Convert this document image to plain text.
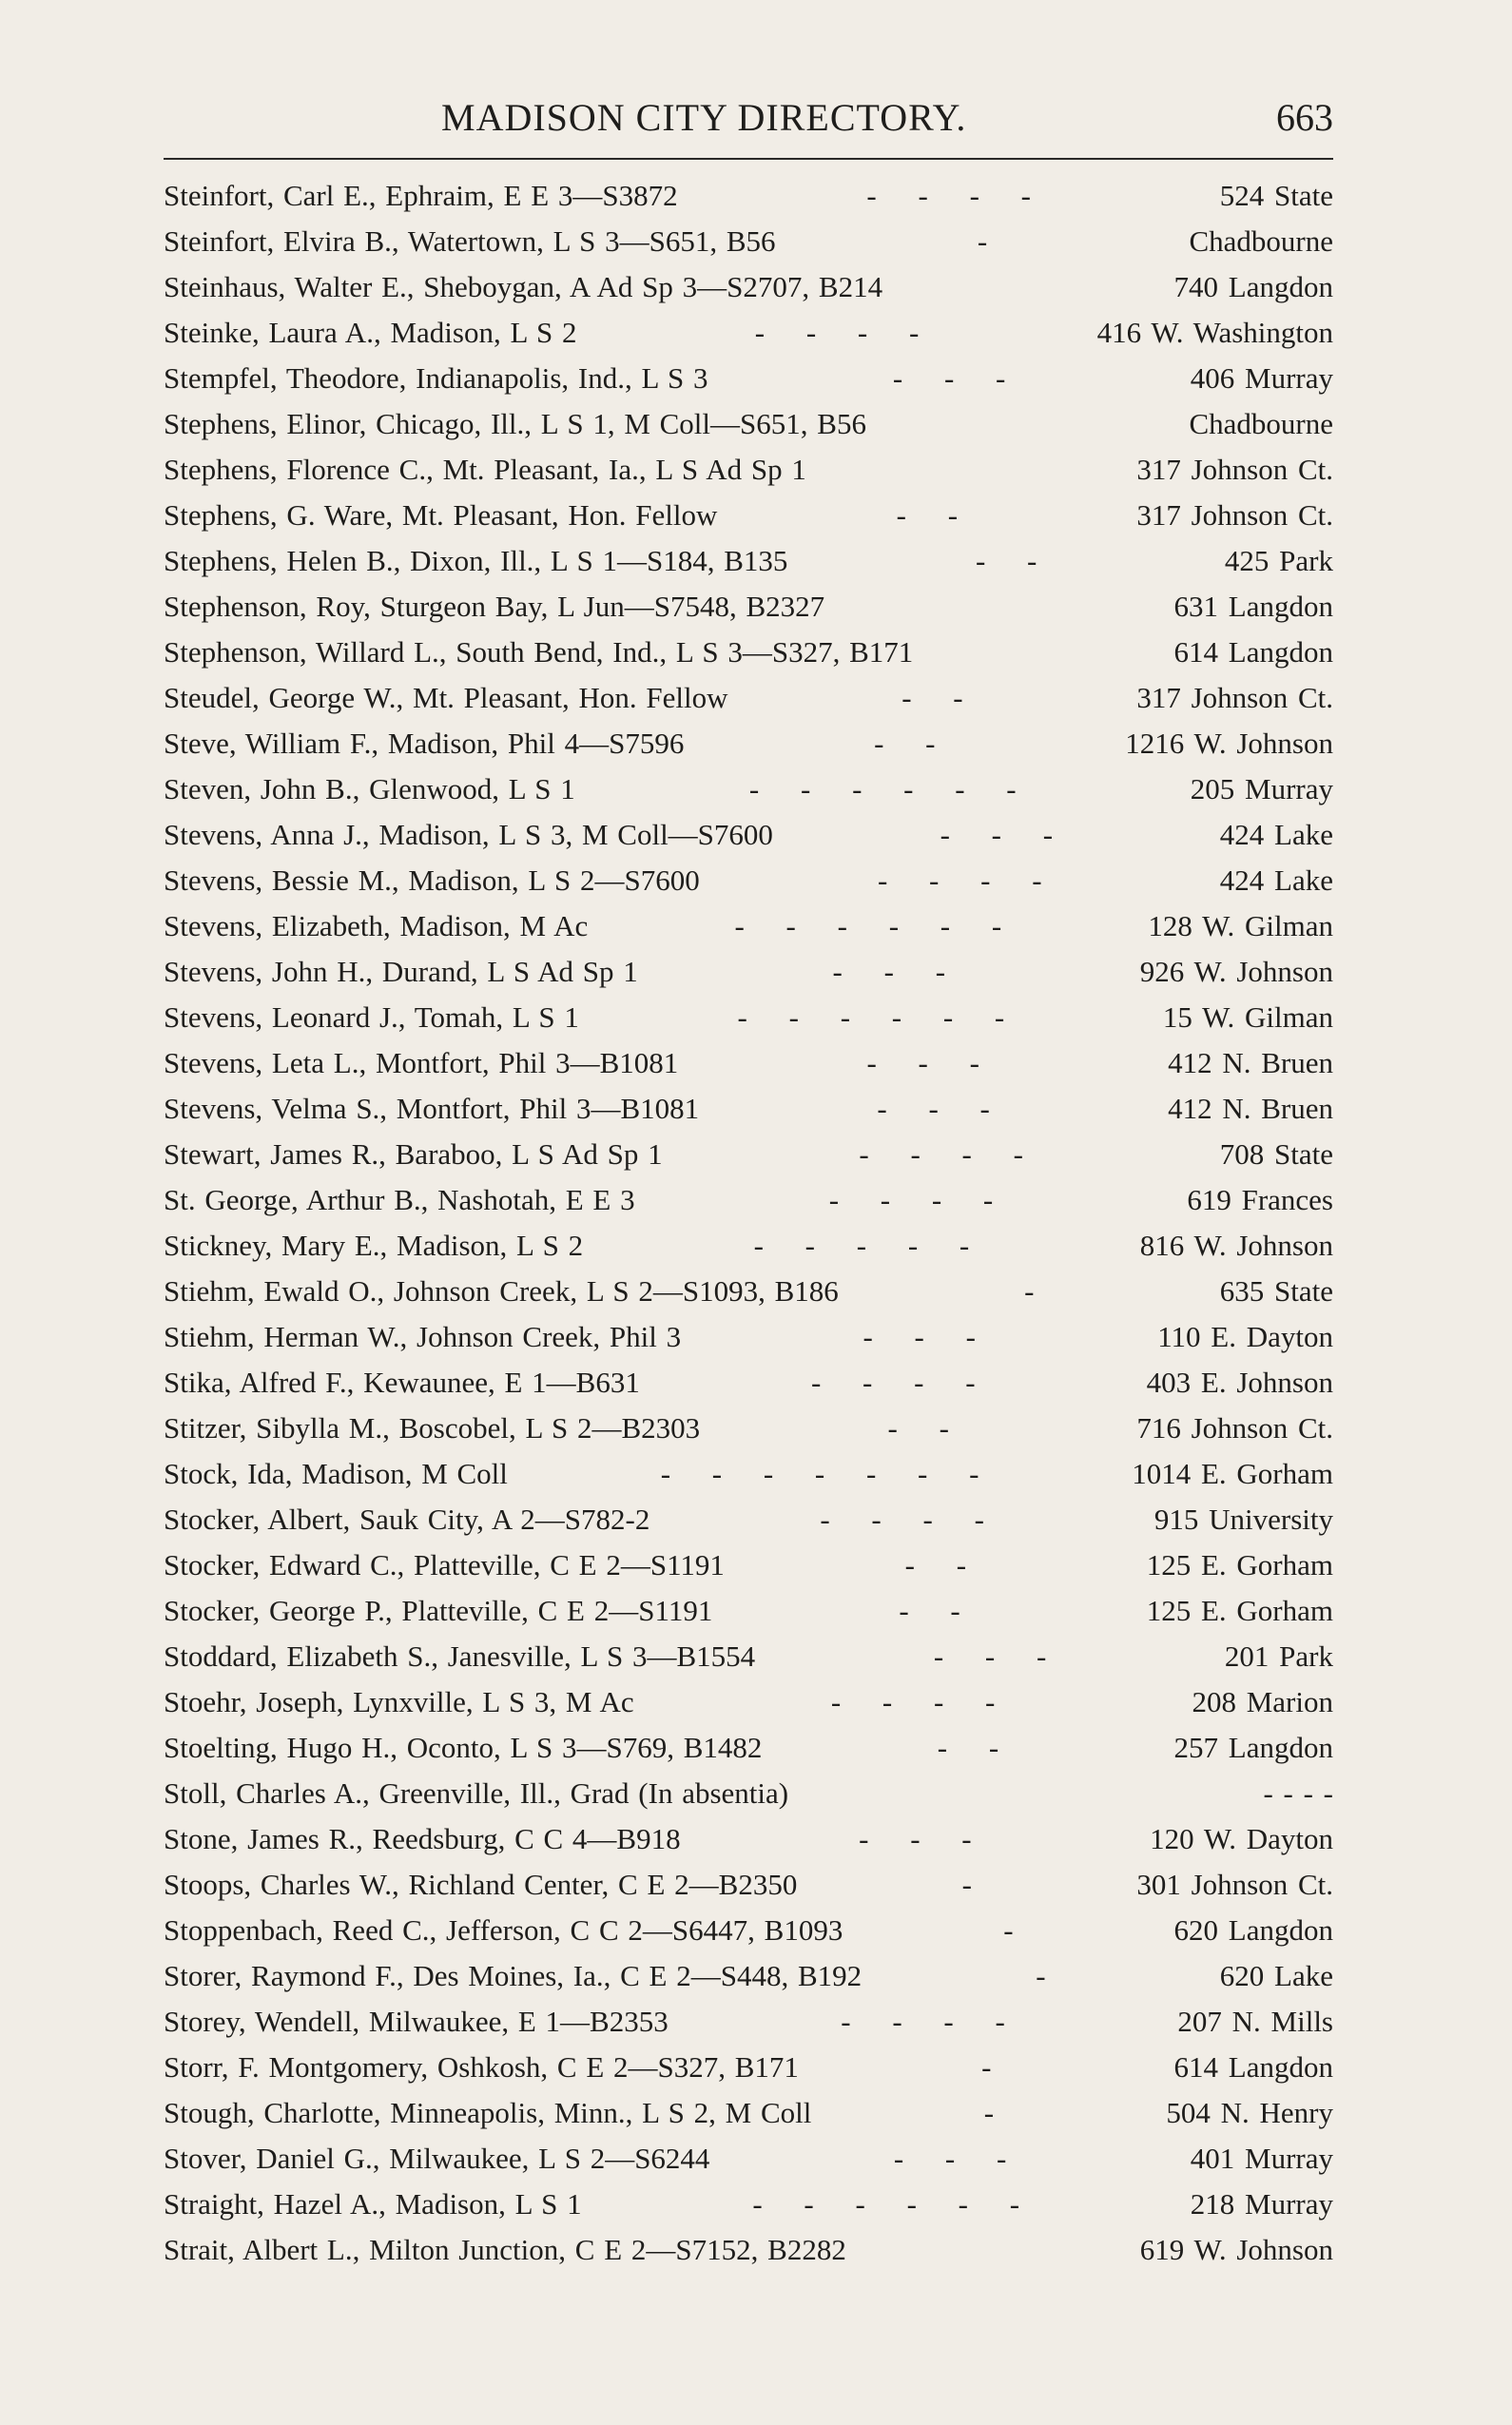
MADISON CITY DIRECTORY.	663
Steinfort, Carl E., Ephraim, E E 3—S3872	- - - -	524 State
Steinfort, Elvira B., Watertown, L S 3—S651, B56	-	Chadbourne
Steinhaus, Walter E., Sheboygan, A Ad Sp 3—S2707, B214	740 Langdon
Steinke, Laura A., Madison, L S 2	- - - -	416 W. Washington
Stempfel, Theodore, Indianapolis, Ind., L S 3	- - -	406 Murray
Stephens, Elinor, Chicago, Ill., L S 1, M Coll—S651, B56	Chadbourne
Stephens, Florence C., Mt. Pleasant, Ia., L S Ad Sp 1	317 Johnson Ct.
Stephens, G. Ware, Mt. Pleasant, Hon. Fellow	- -	317 Johnson Ct.
Stephens, Helen B., Dixon, Ill., L S 1—S184, B135	- -	425 Park
Stephenson, Roy, Sturgeon Bay, L Jun—S7548, B2327	631 Langdon
Stephenson, Willard L., South Bend, Ind., L S 3—S327, B171	614 Langdon
Steudel, George W., Mt. Pleasant, Hon. Fellow	- -	317 Johnson Ct.
Steve, William F., Madison, Phil 4—S7596	- -	1216 W. Johnson
Steven, John B., Glenwood, L S 1	- - - - - -	205 Murray
Stevens, Anna J., Madison, L S 3, M Coll—S7600	- - -	424 Lake
Stevens, Bessie M., Madison, L S 2—S7600	- - - -	424 Lake
Stevens, Elizabeth, Madison, M Ac	- - - - - -	128 W. Gilman
Stevens, John H., Durand, L S Ad Sp 1	- - -	926 W. Johnson
Stevens, Leonard J., Tomah, L S 1	- - - - - -	15 W. Gilman
Stevens, Leta L., Montfort, Phil 3—B1081	- - -	412 N. Bruen
Stevens, Velma S., Montfort, Phil 3—B1081	- - -	412 N. Bruen
Stewart, James R., Baraboo, L S Ad Sp 1	- - - -	708 State
St. George, Arthur B., Nashotah, E E 3	- - - -	619 Frances
Stickney, Mary E., Madison, L S 2	- - - - -	816 W. Johnson
Stiehm, Ewald O., Johnson Creek, L S 2—S1093, B186	-	635 State
Stiehm, Herman W., Johnson Creek, Phil 3	- - -	110 E. Dayton
Stika, Alfred F., Kewaunee, E 1—B631	- - - -	403 E. Johnson
Stitzer, Sibylla M., Boscobel, L S 2—B2303	- -	716 Johnson Ct.
Stock, Ida, Madison, M Coll	- - - - - - -	1014 E. Gorham
Stocker, Albert, Sauk City, A 2—S782-2	- - - -	915 University
Stocker, Edward C., Platteville, C E 2—S1191	- -	125 E. Gorham
Stocker, George P., Platteville, C E 2—S1191	- -	125 E. Gorham
Stoddard, Elizabeth S., Janesville, L S 3—B1554	- - -	201 Park
Stoehr, Joseph, Lynxville, L S 3, M Ac	- - - -	208 Marion
Stoelting, Hugo H., Oconto, L S 3—S769, B1482	- -	257 Langdon
Stoll, Charles A., Greenville, Ill., Grad (In absentia)	- - - -
Stone, James R., Reedsburg, C C 4—B918	- - -	120 W. Dayton
Stoops, Charles W., Richland Center, C E 2—B2350	-	301 Johnson Ct.
Stoppenbach, Reed C., Jefferson, C C 2—S6447, B1093	-	620 Langdon
Storer, Raymond F., Des Moines, Ia., C E 2—S448, B192	-	620 Lake
Storey, Wendell, Milwaukee, E 1—B2353	- - - -	207 N. Mills
Storr, F. Montgomery, Oshkosh, C E 2—S327, B171	-	614 Langdon
Stough, Charlotte, Minneapolis, Minn., L S 2, M Coll	-	504 N. Henry
Stover, Daniel G., Milwaukee, L S 2—S6244	- - -	401 Murray
Straight, Hazel A., Madison, L S 1	- - - - - -	218 Murray
Strait, Albert L., Milton Junction, C E 2—S7152, B2282	619 W. Johnson
